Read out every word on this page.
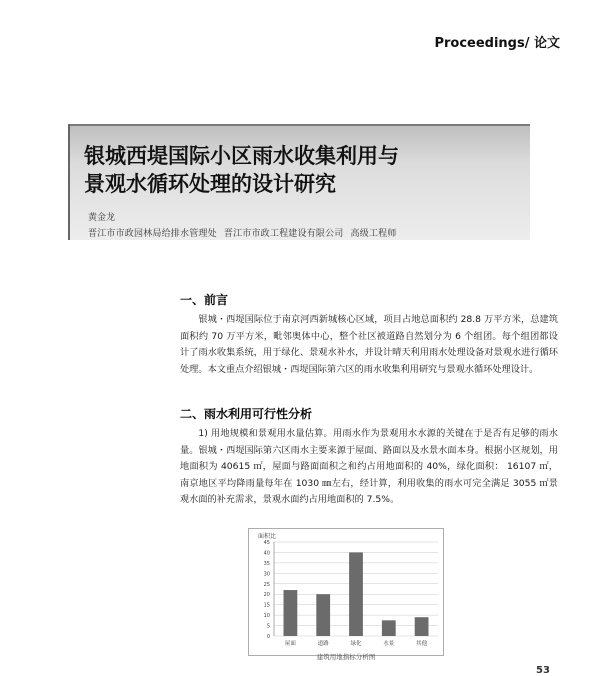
Proceedings/ 论文
银城西堤国际小区雨水收集利用与
景观水循环处理的设计研究
黄金龙
晋江市市政园林局给排水管理处 晋江市市政工程建设有限公司 高级工程师
一、前言

银城・西堤国际位于南京河西新城核心区域，项目占地总面积约 28.8 万平方米，总建筑面积约 70 万平方米，毗邻奥体中心，整个社区被道路自然划分为 6 个组团。每个组团都设计了雨水收集系统，用于绿化、景观水补水，并设计晴天利用雨水处理设备对景观水进行循环处理。本文重点介绍银城・西堤国际第六区的雨水收集利用研究与景观水循环处理设计。

二、雨水利用可行性分析

1) 用地规模和景观用水量估算。用雨水作为景观用水水源的关键在于是否有足够的雨水量。银城・西堤国际第六区雨水主要来源于屋面、路面以及水景水面本身。根据小区规划，用地面积为 40615 ㎡，屋面与路面面积之和约占用地面积的 40%，绿化面积： 16107 ㎡，南京地区平均降雨量每年在 1030 ㎜左右，经计算，利用收集的雨水可完全满足 3055 ㎡景观水面的补充需求，景观水面约占用地面积的 7.5%。

面积比
0
5
10
15
20
25
30
35
40
45
屋面	道路	绿化	水景	其他
建筑用地指标分析图
53
